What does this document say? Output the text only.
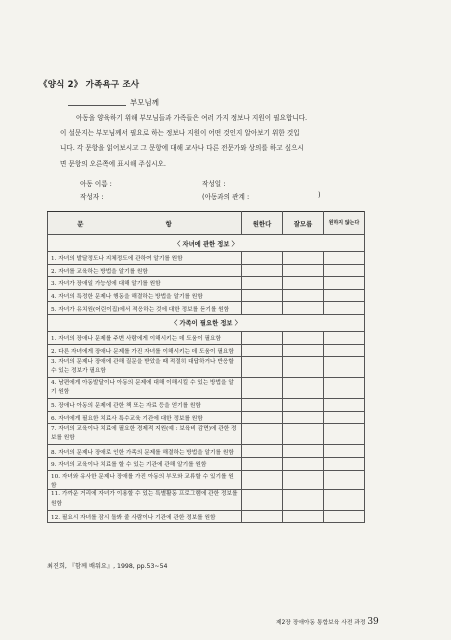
《양식 2》 가족욕구 조사
부모님께

아동을 양육하기 위해 부모님들과 가족들은 여러 가지 정보나 지원이 필요합니다.

이 설문지는 부모님께서 필요로 하는 정보나 지원이 어떤 것인지 알아보기 위한 것입

니다. 각 문항을 읽어보시고 그 문항에 대해 교사나 다른 전문가와 상의를 하고 싶으시

면 문항의 오른쪽에 표시해 주십시오.

아동 이름 :
작성자 :
작성일 :
(아동과의 관계 :	)
문 항	원한다	잘모름	원하지 않는다
〈 자녀에 관한 정보 〉			
1. 자녀의 발달정도나 지체정도에 관하여 알기를 원함			
2. 자녀를 교육하는 방법을 알기를 원함			
3. 자녀가 장애일 가능성에 대해 알기를 원함			
4. 자녀의 특정한 문제나 행동을 해결하는 방법을 알기를 원함			
5. 자녀가 유치원(어린이집)에서 적응하는 것에 대한 정보를 듣기를 원함			
〈 가족이 필요한 정보 〉			
1. 자녀의 장애나 문제를 주변 사람에게 이해시키는 데 도움이 필요함			
2. 다른 자녀에게 장애나 문제를 가진 자녀를 이해시키는 데 도움이 필요함			
3. 자녀의 문제나 장애에 관해 질문을 받았을 때 적절히 대답하거나 반응할 수 있는 정보가 필요함			
4. 남편에게 아동발달이나 아동의 문제에 대해 이해시킬 수 있는 방법을 알기 원함			
5. 장애나 아동의 문제에 관한 책 또는 자료 등을 얻기를 원함			
6. 자녀에게 필요한 치료사 특수교육 기관에 대한 정보를 원함			
7. 자녀의 교육이나 치료에 필요한 경제적 지원(예 : 보육비 감면)에 관한 정보를 원함			
8. 자녀의 문제나 장애로 인한 가족의 문제를 해결하는 방법을 알기를 원함			
9. 자녀의 교육이나 치료를 할 수 있는 기관에 관해 알기를 원함			
10. 자녀와 유사한 문제나 장애를 가진 아동의 부모와 교류할 수 있기를 원함			
11. 가까운 거리에 자녀가 이용할 수 있는 특별활동 프로그램에 관한 정보를 원함			
12. 필요시 자녀를 잠시 돌봐 줄 사람이나 기관에 관한 정보를 원함			
최진희, 『함께 배워요』, 1998, pp.53~54
제2장 장애아동 통합보육 사전 과정 39
